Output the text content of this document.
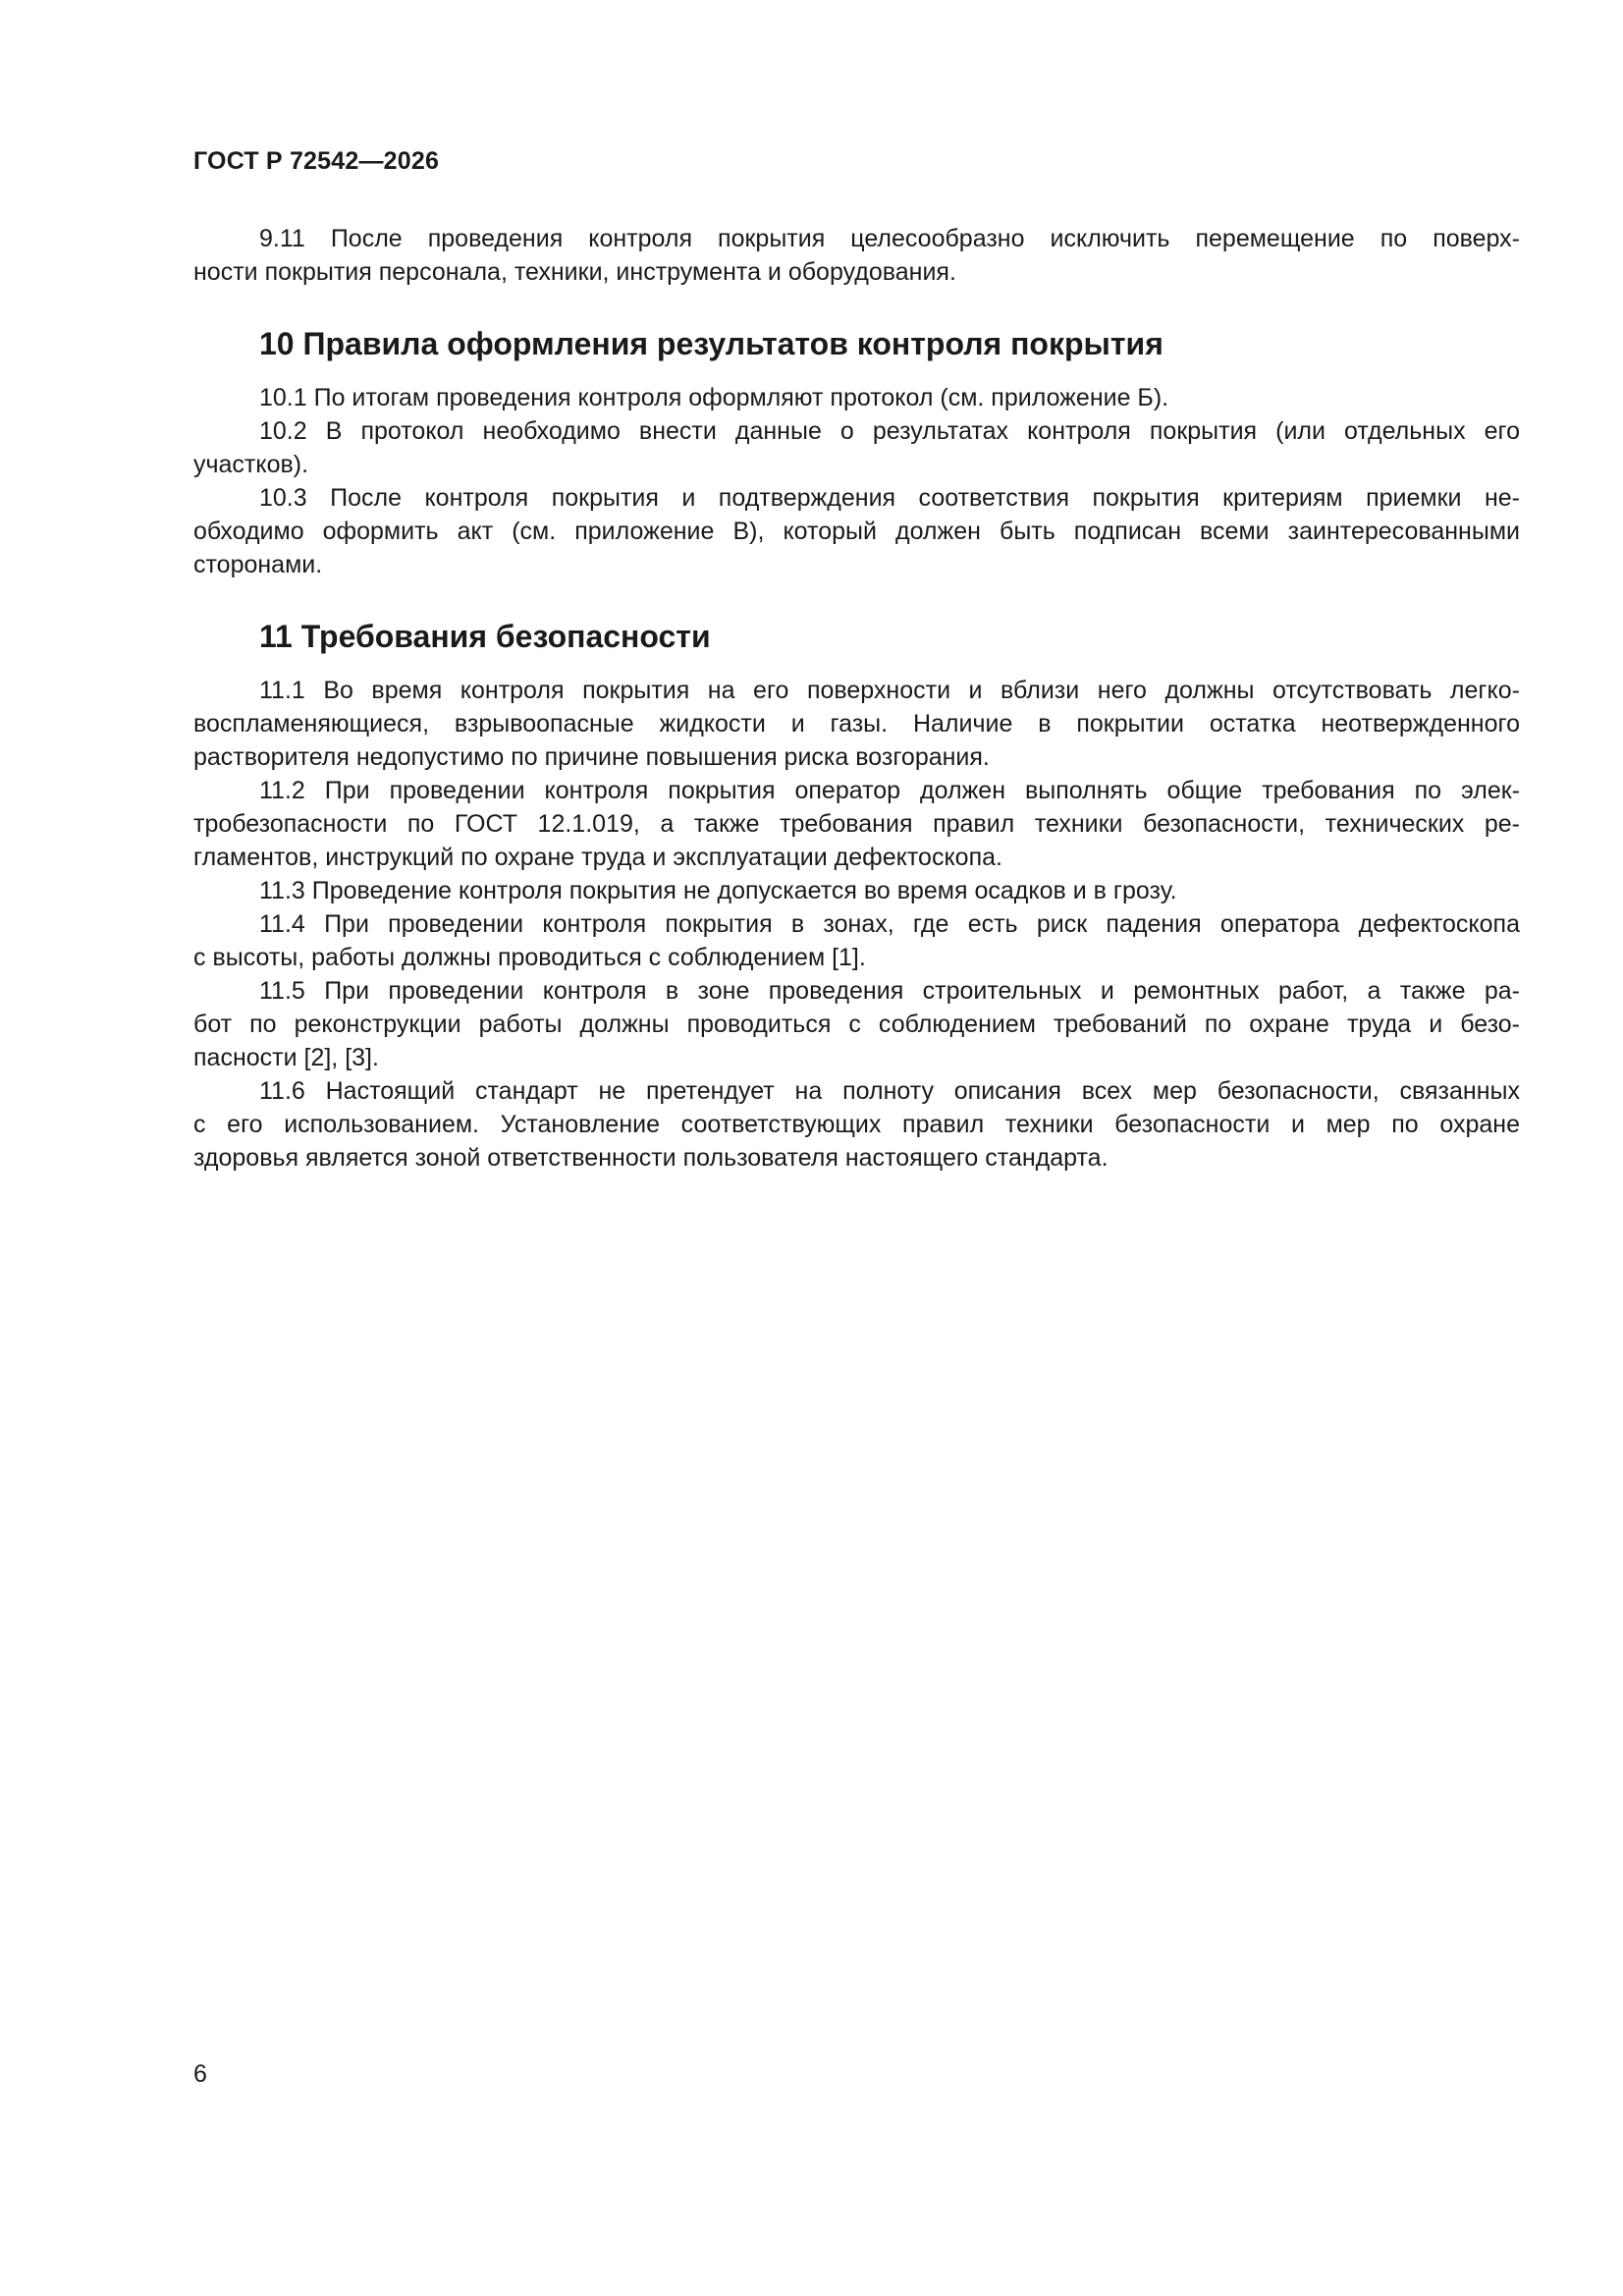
ГОСТ Р 72542—2026

9.11 После проведения контроля покрытия целесообразно исключить перемещение по поверх-
ности покрытия персонала, техники, инструмента и оборудования.
10 Правила оформления результатов контроля покрытия
10.1 По итогам проведения контроля оформляют протокол (см. приложение Б).
10.2 В протокол необходимо внести данные о результатах контроля покрытия (или отдельных его
участков).
10.3 После контроля покрытия и подтверждения соответствия покрытия критериям приемки не-
обходимо оформить акт (см. приложение В), который должен быть подписан всеми заинтересованными
сторонами.
11 Требования безопасности
11.1 Во время контроля покрытия на его поверхности и вблизи него должны отсутствовать легко-
воспламеняющиеся, взрывоопасные жидкости и газы. Наличие в покрытии остатка неотвержденного
растворителя недопустимо по причине повышения риска возгорания.
11.2 При проведении контроля покрытия оператор должен выполнять общие требования по элек-
тробезопасности по ГОСТ 12.1.019, а также требования правил техники безопасности, технических ре-
гламентов, инструкций по охране труда и эксплуатации дефектоскопа.
11.3 Проведение контроля покрытия не допускается во время осадков и в грозу.
11.4 При проведении контроля покрытия в зонах, где есть риск падения оператора дефектоскопа
с высоты, работы должны проводиться с соблюдением [1].
11.5 При проведении контроля в зоне проведения строительных и ремонтных работ, а также ра-
бот по реконструкции работы должны проводиться с соблюдением требований по охране труда и безо-
пасности [2], [3].
11.6 Настоящий стандарт не претендует на полноту описания всех мер безопасности, связанных
с его использованием. Установление соответствующих правил техники безопасности и мер по охране
здоровья является зоной ответственности пользователя настоящего стандарта.

6
